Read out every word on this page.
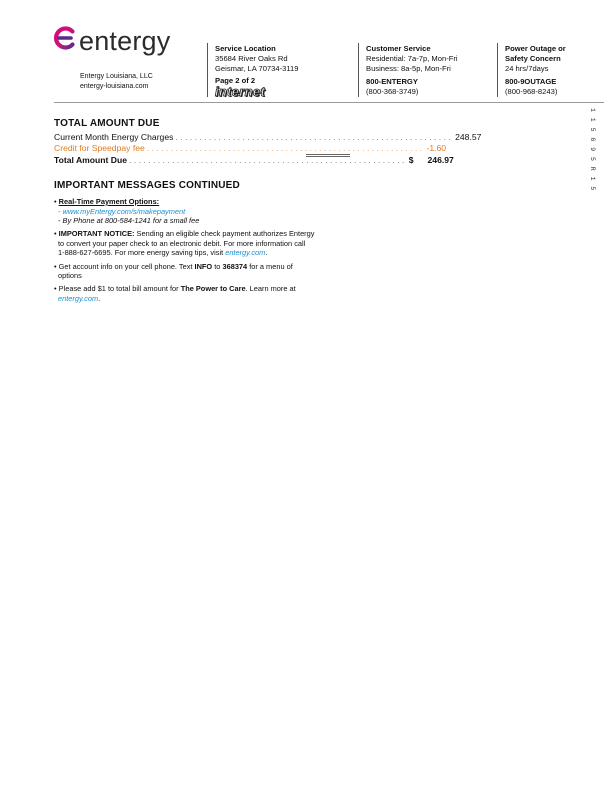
entergy
Entergy Louisiana, LLC
entergy-louisiana.com
Service Location
35684 River Oaks Rd
Geismar, LA 70734-3119
Page 2 of 2
internet
Customer Service
Residential: 7a-7p, Mon-Fri
Business: 8a-5p, Mon-Fri
800-ENTERGY
(800-368-3749)
Power Outage or
Safety Concern
24 hrs/7days
800-9OUTAGE
(800-968-8243)
1 1 5 6 9 5 R 1 5
TOTAL AMOUNT DUE
Current Month Energy Charges .......................................................... 248.57
Credit for Speedpay fee .......................................................... -1.60
Total Amount Due .......................................................... $	246.97
IMPORTANT MESSAGES CONTINUED
• Real-Time Payment Options:
- www.myEntergy.com/s/makepayment
- By Phone at 800-584-1241 for a small fee
• IMPORTANT NOTICE: Sending an eligible check payment authorizes Entergy
to convert your paper check to an electronic debit. For more information call
1-888-627-6695. For more energy saving tips, visit entergy.com.
• Get account info on your cell phone. Text INFO to 368374 for a menu of
options
• Please add $1 to total bill amount for The Power to Care. Learn more at
entergy.com.
